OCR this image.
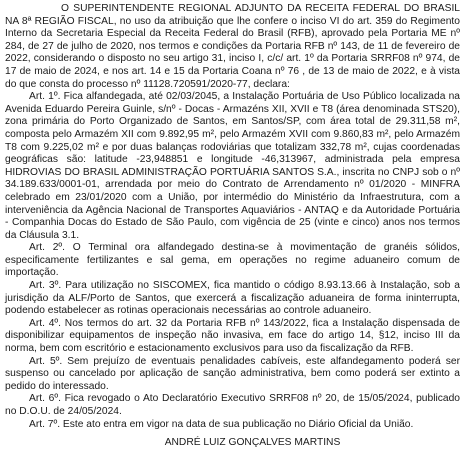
O SUPERINTENDENTE REGIONAL ADJUNTO DA RECEITA FEDERAL DO BRASIL NA 8ª REGIÃO FISCAL, no uso da atribuição que lhe confere o inciso VI do art. 359 do Regimento Interno da Secretaria Especial da Receita Federal do Brasil (RFB), aprovado pela Portaria ME nº 284, de 27 de julho de 2020, nos termos e condições da Portaria RFB nº 143, de 11 de fevereiro de 2022, considerando o disposto no seu artigo 31, inciso I, c/c/ art. 1º da Portaria SRRF08 nº 974, de 17 de maio de 2024, e nos art. 14 e 15 da Portaria Coana nº 76 , de 13 de maio de 2022, e à vista do que consta do processo nº 11128.720591/2020-77, declara:

Art. 1º. Fica alfandegada, até 02/03/2045, a Instalação Portuária de Uso Público localizada na Avenida Eduardo Pereira Guinle, s/nº - Docas - Armazéns XII, XVII e T8 (área denominada STS20), zona primária do Porto Organizado de Santos, em Santos/SP, com área total de 29.311,58 m², composta pelo Armazém XII com 9.892,95 m², pelo Armazém XVII com 9.860,83 m², pelo Armazém T8 com 9.225,02 m² e por duas balanças rodoviárias que totalizam 332,78 m², cujas coordenadas geográficas são: latitude -23,948851 e longitude -46,313967, administrada pela empresa HIDROVIAS DO BRASIL ADMINISTRAÇÃO PORTUÁRIA SANTOS S.A., inscrita no CNPJ sob o nº 34.189.633/0001-01, arrendada por meio do Contrato de Arrendamento nº 01/2020 - MINFRA celebrado em 23/01/2020 com a União, por intermédio do Ministério da Infraestrutura, com a interveniência da Agência Nacional de Transportes Aquaviários - ANTAQ e da Autoridade Portuária - Companhia Docas do Estado de São Paulo, com vigência de 25 (vinte e cinco) anos nos termos da Cláusula 3.1.

Art. 2º. O Terminal ora alfandegado destina-se à movimentação de granéis sólidos, especificamente fertilizantes e sal gema, em operações no regime aduaneiro comum de importação.

Art. 3º. Para utilização no SISCOMEX, fica mantido o código 8.93.13.66 à Instalação, sob a jurisdição da ALF/Porto de Santos, que exercerá a fiscalização aduaneira de forma ininterrupta, podendo estabelecer as rotinas operacionais necessárias ao controle aduaneiro.

Art. 4º. Nos termos do art. 32 da Portaria RFB nº 143/2022, fica a Instalação dispensada de disponibilizar equipamentos de inspeção não invasiva, em face do artigo 14, §12, inciso III da norma, bem com escritório e estacionamento exclusivos para uso da fiscalização da RFB.

Art. 5º. Sem prejuízo de eventuais penalidades cabíveis, este alfandegamento poderá ser suspenso ou cancelado por aplicação de sanção administrativa, bem como poderá ser extinto a pedido do interessado.

Art. 6º. Fica revogado o Ato Declaratório Executivo SRRF08 nº 20, de 15/05/2024, publicado no D.O.U. de 24/05/2024.

Art. 7º. Este ato entra em vigor na data de sua publicação no Diário Oficial da União.

ANDRÉ LUIZ GONÇALVES MARTINS
